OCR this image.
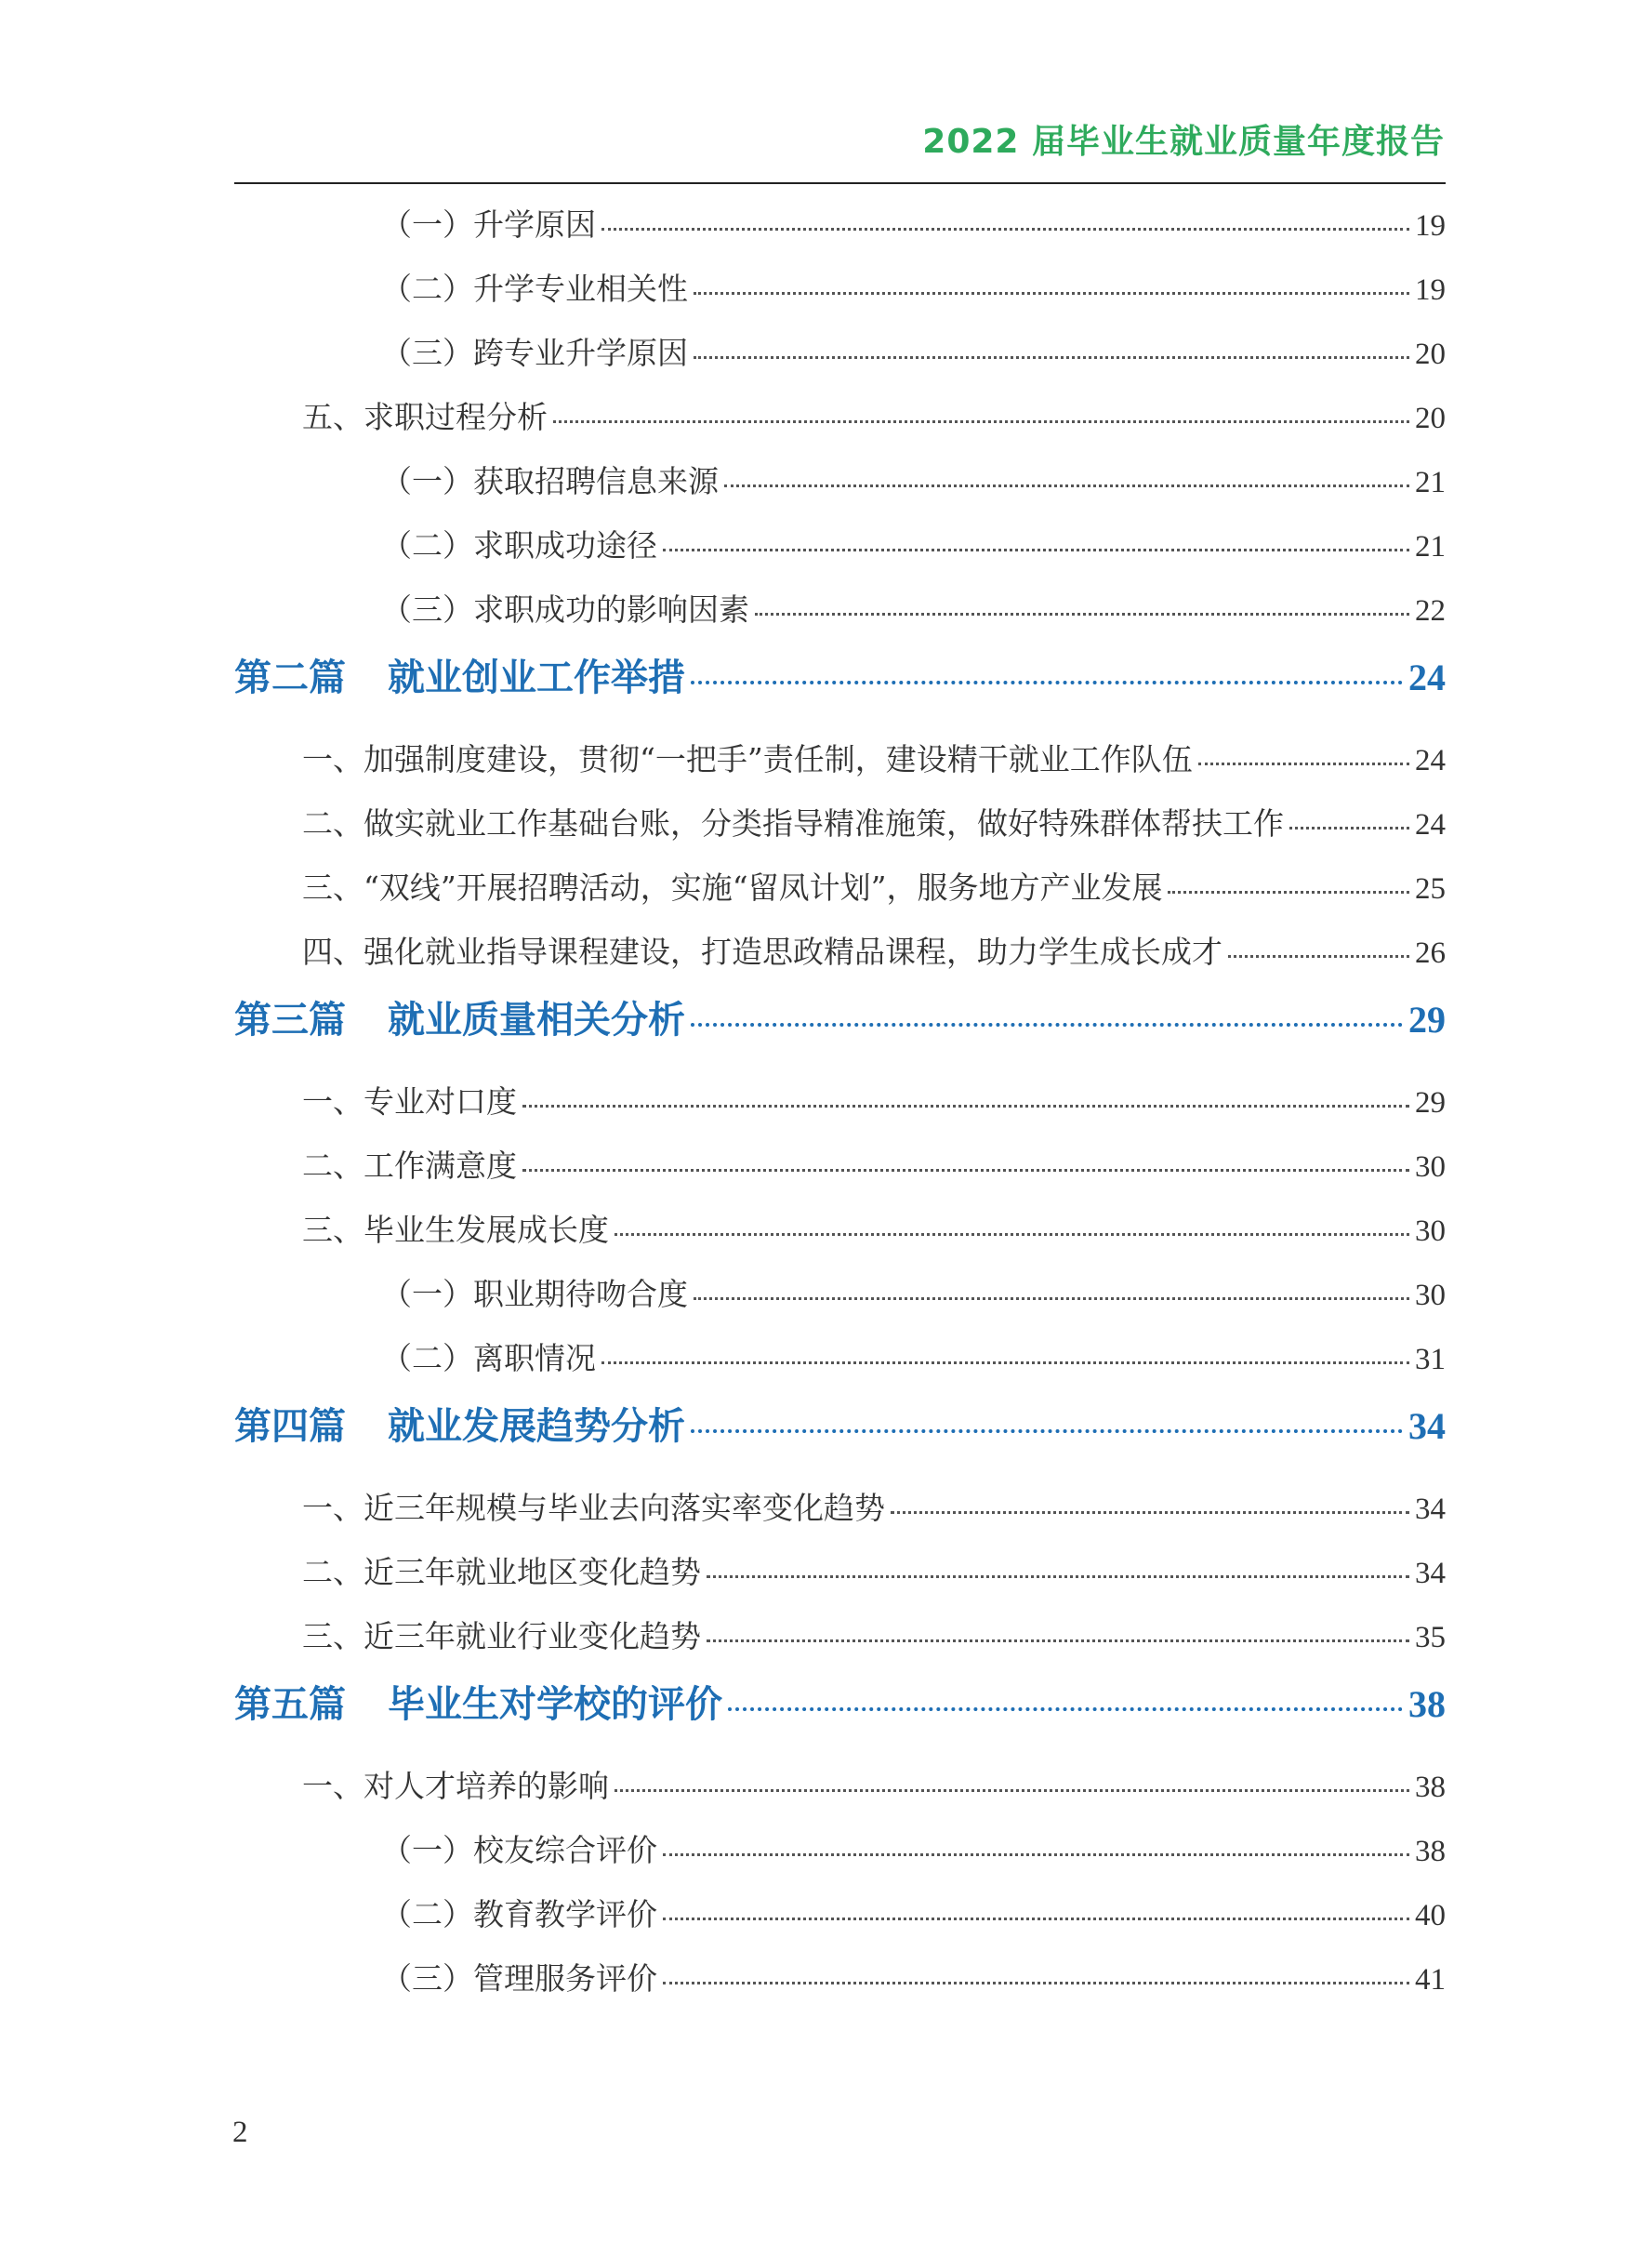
2022 届毕业生就业质量年度报告
（一）升学原因	19
（二）升学专业相关性	19
（三）跨专业升学原因	20
五、求职过程分析	20
（一）获取招聘信息来源	21
（二）求职成功途径	21
（三）求职成功的影响因素	22
第二篇 就业创业工作举措	24
一、加强制度建设，贯彻“一把手”责任制，建设精干就业工作队伍	24
二、做实就业工作基础台账，分类指导精准施策，做好特殊群体帮扶工作	24
三、“双线”开展招聘活动，实施“留凤计划”，服务地方产业发展	25
四、强化就业指导课程建设，打造思政精品课程，助力学生成长成才	26
第三篇 就业质量相关分析	29
一、专业对口度	29
二、工作满意度	30
三、毕业生发展成长度	30
（一）职业期待吻合度	30
（二）离职情况	31
第四篇 就业发展趋势分析	34
一、近三年规模与毕业去向落实率变化趋势	34
二、近三年就业地区变化趋势	34
三、近三年就业行业变化趋势	35
第五篇 毕业生对学校的评价	38
一、对人才培养的影响	38
（一）校友综合评价	38
（二）教育教学评价	40
（三）管理服务评价	41
2
